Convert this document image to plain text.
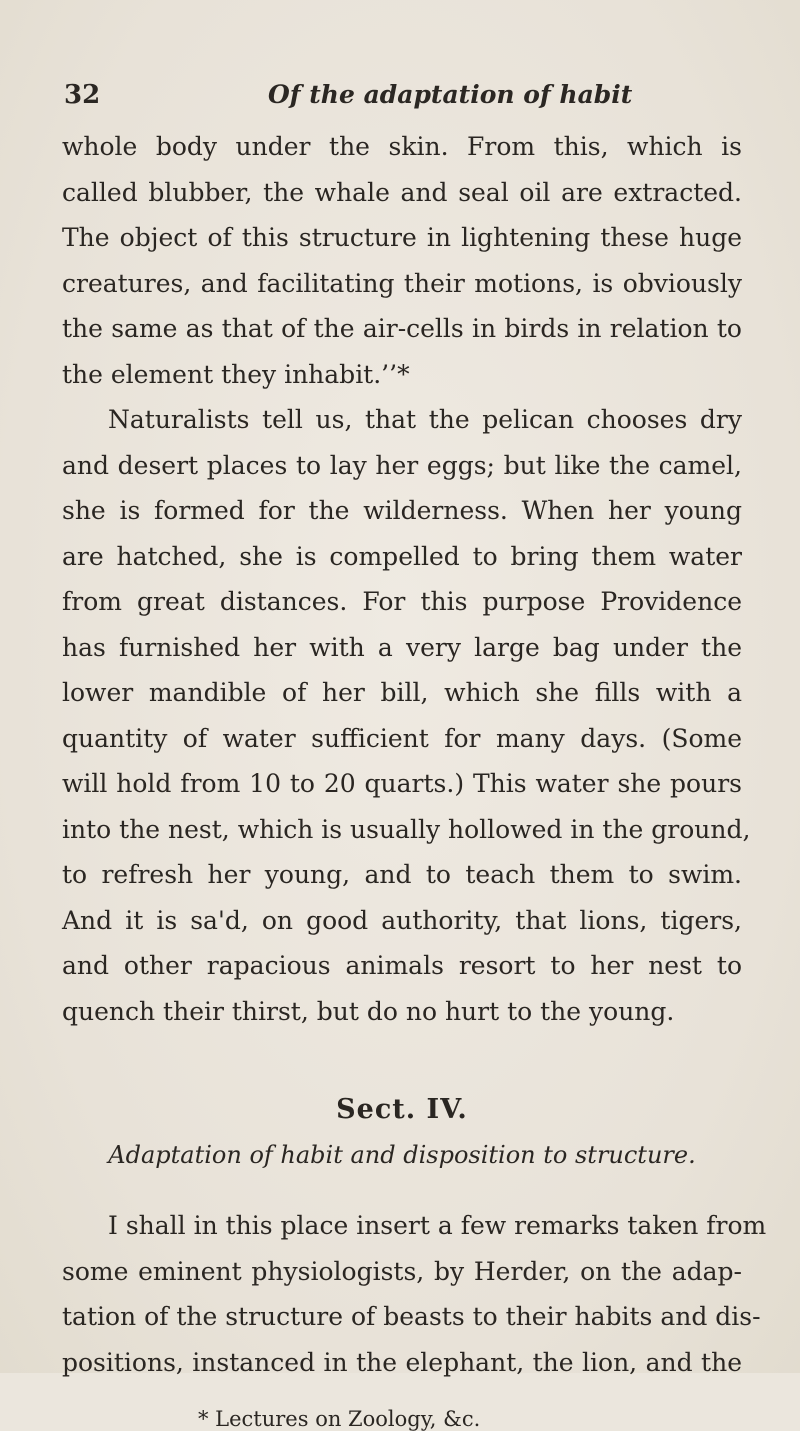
32	Of the adaptation of habit
whole body under the skin. From this, which is
called blubber, the whale and seal oil are extracted.
The object of this structure in lightening these huge
creatures, and facilitating their motions, is obviously
the same as that of the air-cells in birds in relation to
the element they inhabit.’’*
Naturalists tell us, that the pelican chooses dry
and desert places to lay her eggs; but like the camel,
she is formed for the wilderness. When her young
are hatched, she is compelled to bring them water
from great distances. For this purpose Providence
has furnished her with a very large bag under the
lower mandible of her bill, which she fills with a
quantity of water sufficient for many days. (Some
will hold from 10 to 20 quarts.) This water she pours
into the nest, which is usually hollowed in the ground,
to refresh her young, and to teach them to swim.
And it is sa'd, on good authority, that lions, tigers,
and other rapacious animals resort to her nest to
quench their thirst, but do no hurt to the young.
Sect. IV.
Adaptation of habit and disposition to structure.
I shall in this place insert a few remarks taken from
some eminent physiologists, by Herder, on the adap-
tation of the structure of beasts to their habits and dis-
positions, instanced in the elephant, the lion, and the
* Lectures on Zoology, &c.
